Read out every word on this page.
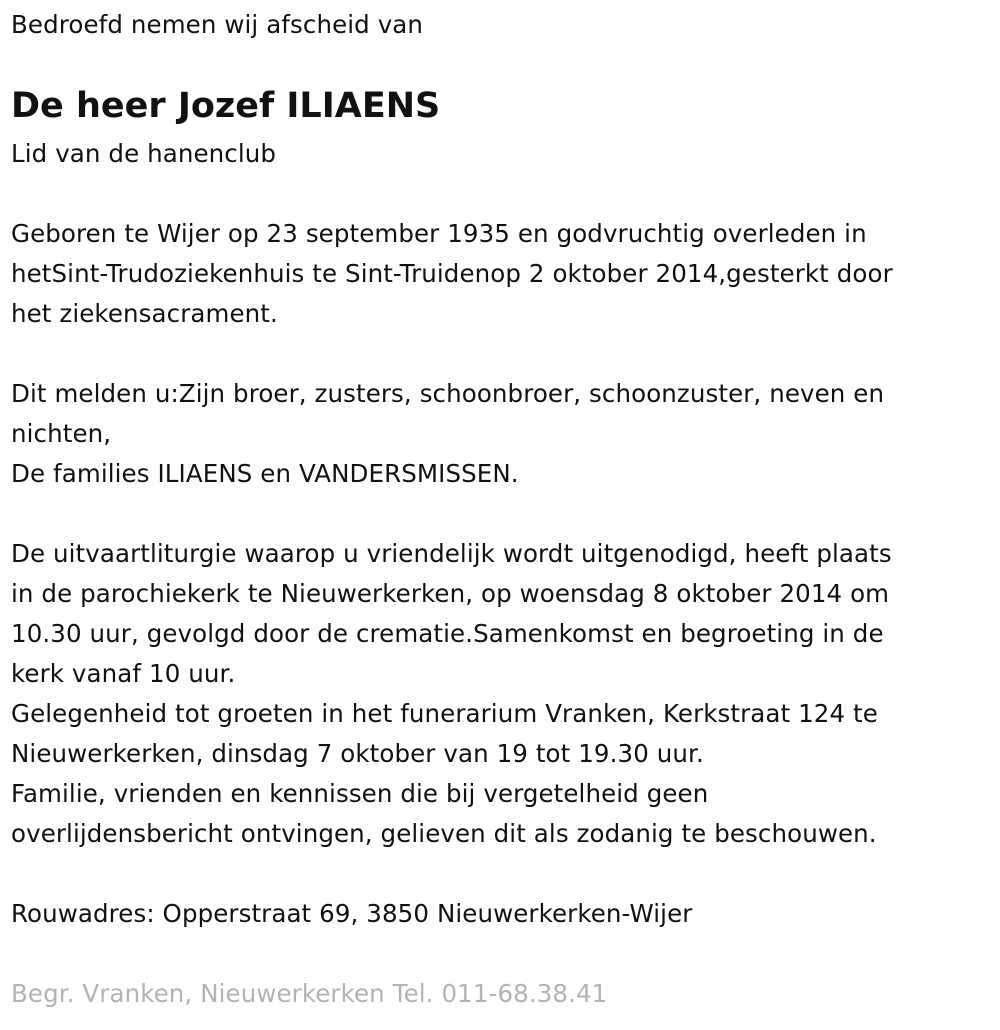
Bedroefd nemen wij afscheid van
De heer Jozef ILIAENS
Lid van de hanenclub
Geboren te Wijer op 23 september 1935 en godvruchtig overleden in
hetSint-Trudoziekenhuis te Sint-Truidenop 2 oktober 2014,gesterkt door
het ziekensacrament.
Dit melden u:Zijn broer, zusters, schoonbroer, schoonzuster, neven en
nichten,
De families ILIAENS en VANDERSMISSEN.
De uitvaartliturgie waarop u vriendelijk wordt uitgenodigd, heeft plaats
in de parochiekerk te Nieuwerkerken, op woensdag 8 oktober 2014 om
10.30 uur, gevolgd door de crematie.Samenkomst en begroeting in de
kerk vanaf 10 uur.
Gelegenheid tot groeten in het funerarium Vranken, Kerkstraat 124 te
Nieuwerkerken, dinsdag 7 oktober van 19 tot 19.30 uur.
Familie, vrienden en kennissen die bij vergetelheid geen
overlijdensbericht ontvingen, gelieven dit als zodanig te beschouwen.
Rouwadres: Opperstraat 69, 3850 Nieuwerkerken-Wijer
Begr. Vranken, Nieuwerkerken Tel. 011-68.38.41
